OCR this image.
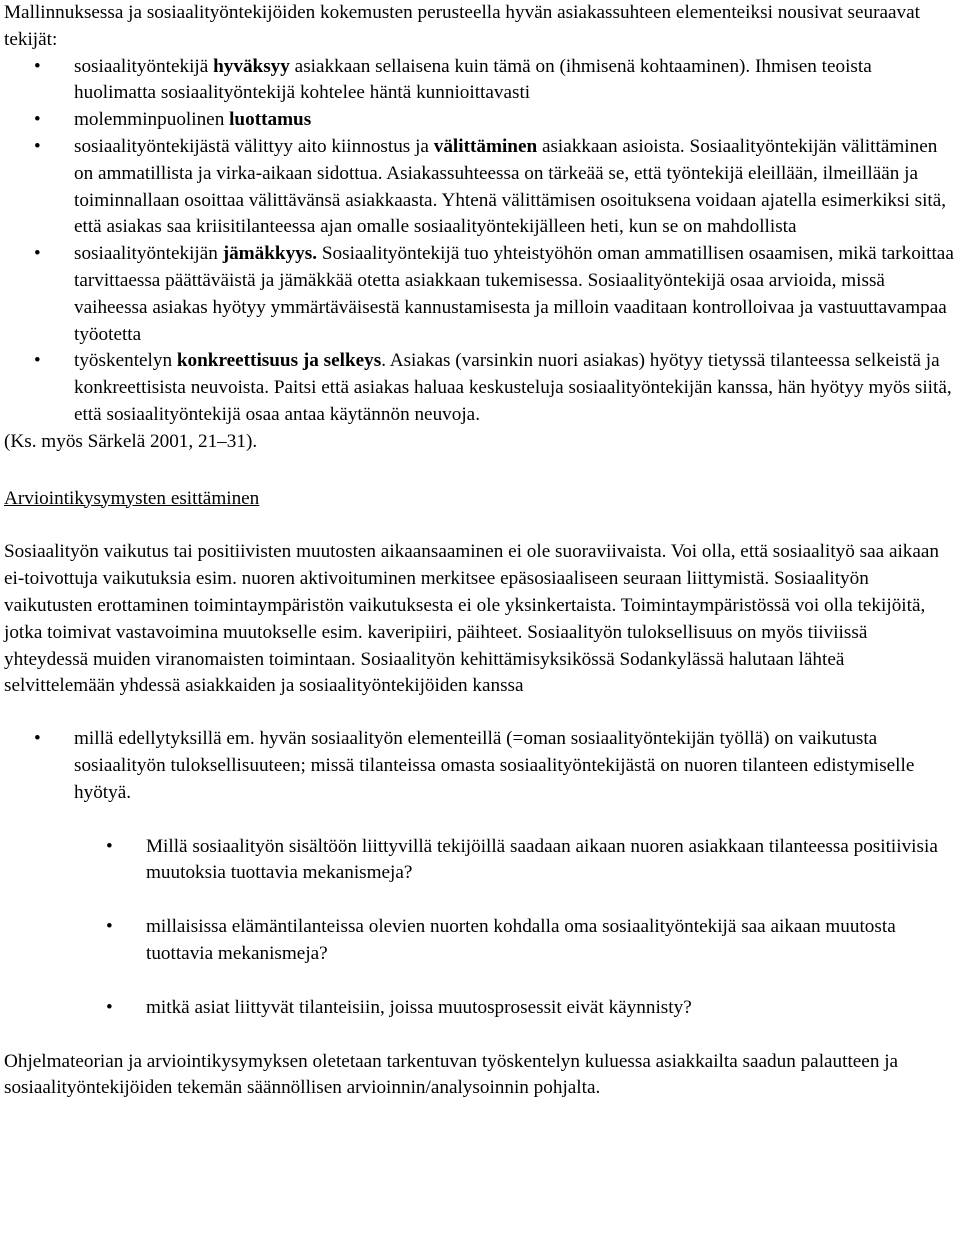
Mallinnuksessa ja sosiaalityöntekijöiden kokemusten perusteella hyvän asiakassuhteen elementeiksi nousivat seuraavat tekijät:

• sosiaalityöntekijä hyväksyy asiakkaan sellaisena kuin tämä on (ihmisenä kohtaaminen). Ihmisen teoista huolimatta sosiaalityöntekijä kohtelee häntä kunnioittavasti
• molemminpuolinen luottamus
• sosiaalityöntekijästä välittyy aito kiinnostus ja välittäminen asiakkaan asioista. Sosiaalityöntekijän välittäminen on ammatillista ja virka-aikaan sidottua. Asiakassuhteessa on tärkeää se, että työntekijä eleillään, ilmeillään ja toiminnallaan osoittaa välittävänsä asiakkaasta. Yhtenä välittämisen osoituksena voidaan ajatella esimerkiksi sitä, että asiakas saa kriisitilanteessa ajan omalle sosiaalityöntekijälleen heti, kun se on mahdollista
• sosiaalityöntekijän jämäkkyys. Sosiaalityöntekijä tuo yhteistyöhön oman ammatillisen osaamisen, mikä tarkoittaa tarvittaessa päättäväistä ja jämäkkää otetta asiakkaan tukemisessa. Sosiaalityöntekijä osaa arvioida, missä vaiheessa asiakas hyötyy ymmärtäväisestä kannustamisesta ja milloin vaaditaan kontrolloivaa ja vastuuttavampaa työotetta
• työskentelyn konkreettisuus ja selkeys. Asiakas (varsinkin nuori asiakas) hyötyy tietyssä tilanteessa selkeistä ja konkreettisista neuvoista. Paitsi että asiakas haluaa keskusteluja sosiaalityöntekijän kanssa, hän hyötyy myös siitä, että sosiaalityöntekijä osaa antaa käytännön neuvoja.

(Ks. myös Särkelä 2001, 21–31).

Arviointikysymysten esittäminen

Sosiaalityön vaikutus tai positiivisten muutosten aikaansaaminen ei ole suoraviivaista. Voi olla, että sosiaalityö saa aikaan ei-toivottuja vaikutuksia esim. nuoren aktivoituminen merkitsee epäsosiaaliseen seuraan liittymistä. Sosiaalityön vaikutusten erottaminen toimintaympäristön vaikutuksesta ei ole yksinkertaista. Toimintaympäristössä voi olla tekijöitä, jotka toimivat vastavoimina muutokselle esim. kaveripiiri, päihteet. Sosiaalityön tuloksellisuus on myös tiiviissä yhteydessä muiden viranomaisten toimintaan. Sosiaalityön kehittämisyksikössä Sodankylässä halutaan lähteä selvittelemään yhdessä asiakkaiden ja sosiaalityöntekijöiden kanssa

• millä edellytyksillä em. hyvän sosiaalityön elementeillä (=oman sosiaalityöntekijän työllä) on vaikutusta sosiaalityön tuloksellisuuteen; missä tilanteissa omasta sosiaalityöntekijästä on nuoren tilanteen edistymiselle hyötyä.
• Millä sosiaalityön sisältöön liittyvillä tekijöillä saadaan aikaan nuoren asiakkaan tilanteessa positiivisia muutoksia tuottavia mekanismeja?
• millaisissa elämäntilanteissa olevien nuorten kohdalla oma sosiaalityöntekijä saa aikaan muutosta tuottavia mekanismeja?
• mitkä asiat liittyvät tilanteisiin, joissa muutosprosessit eivät käynnisty?

Ohjelmateorian ja arviointikysymyksen oletetaan tarkentuvan työskentelyn kuluessa asiakkailta saadun palautteen ja sosiaalityöntekijöiden tekemän säännöllisen arvioinnin/analysoinnin pohjalta.
